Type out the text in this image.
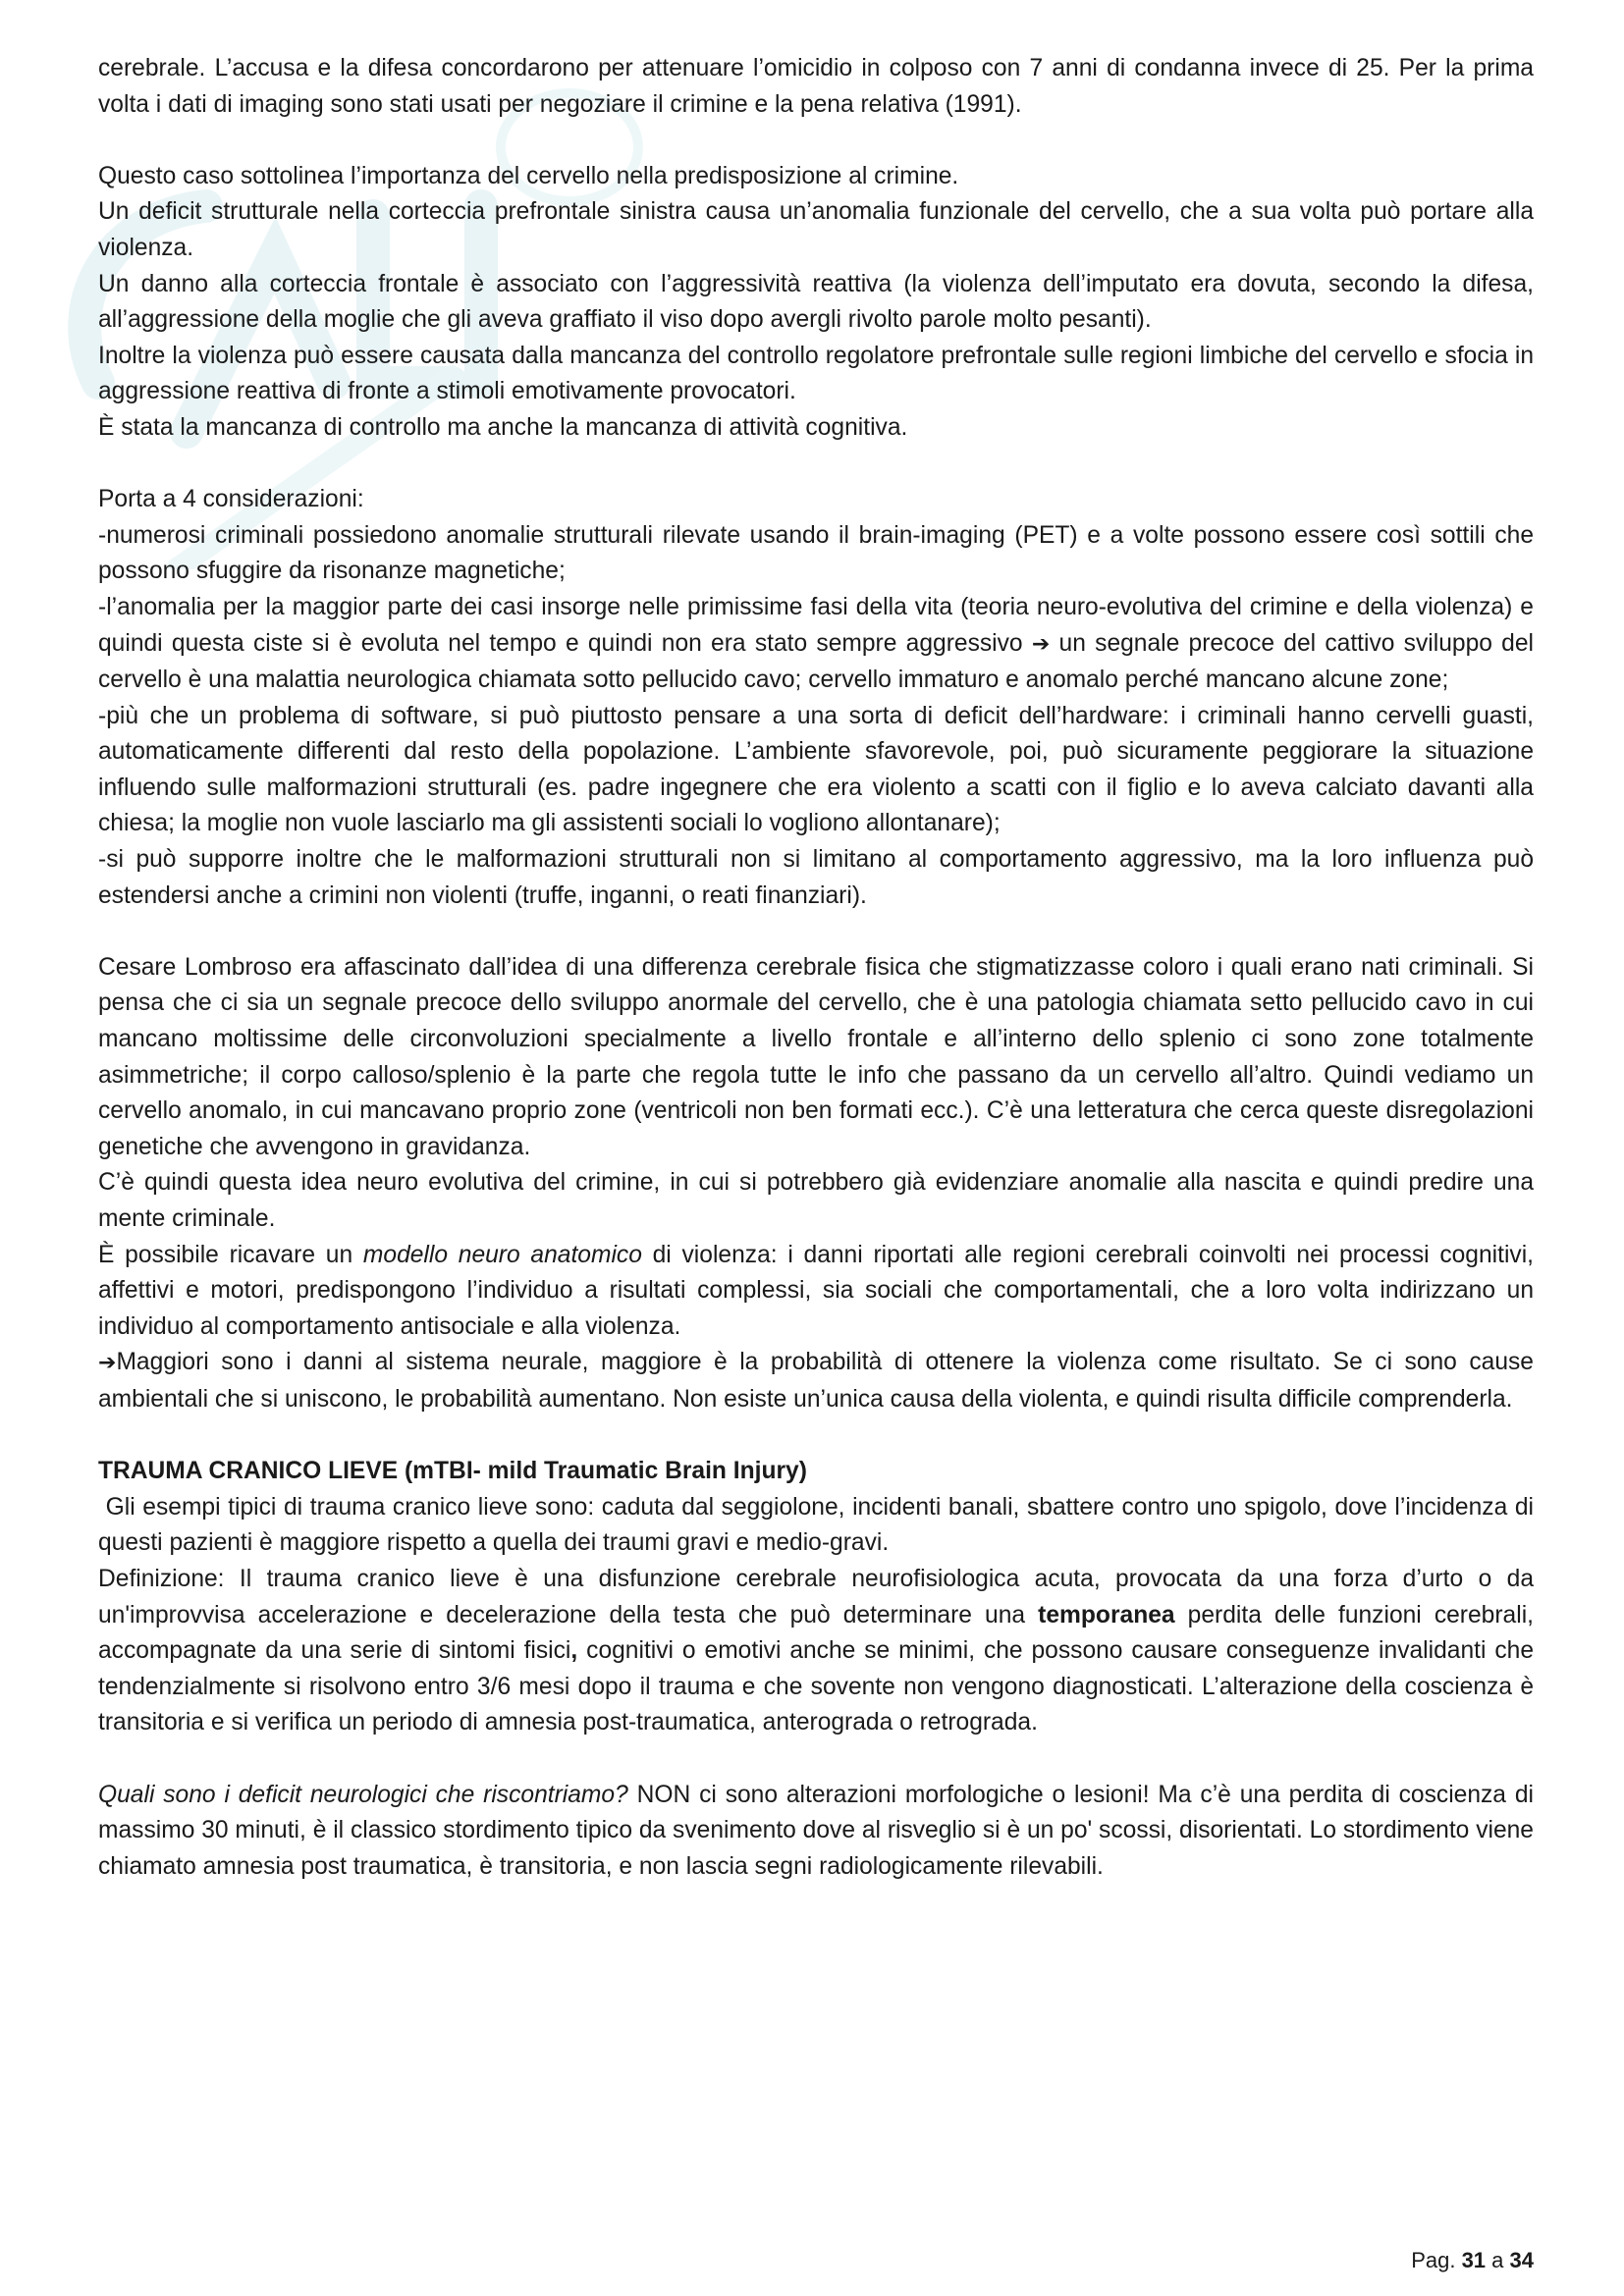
cerebrale. L’accusa e la difesa concordarono per attenuare l’omicidio in colposo con 7 anni di condanna invece di 25. Per la prima volta i dati di imaging sono stati usati per negoziare il crimine e la pena relativa (1991).

Questo caso sottolinea l’importanza del cervello nella predisposizione al crimine.

Un deficit strutturale nella corteccia prefrontale sinistra causa un’anomalia funzionale del cervello, che a sua volta può portare alla violenza.

Un danno alla corteccia frontale è associato con l’aggressività reattiva (la violenza dell’imputato era dovuta, secondo la difesa, all’aggressione della moglie che gli aveva graffiato il viso dopo avergli rivolto parole molto pesanti).

Inoltre la violenza può essere causata dalla mancanza del controllo regolatore prefrontale sulle regioni limbiche del cervello e sfocia in aggressione reattiva di fronte a stimoli emotivamente provocatori.

È stata la mancanza di controllo ma anche la mancanza di attività cognitiva.

Porta a 4 considerazioni:

-numerosi criminali possiedono anomalie strutturali rilevate usando il brain-imaging (PET) e a volte possono essere così sottili che possono sfuggire da risonanze magnetiche;

-l’anomalia per la maggior parte dei casi insorge nelle primissime fasi della vita (teoria neuro-evolutiva del crimine e della violenza) e quindi questa ciste si è evoluta nel tempo e quindi non era stato sempre aggressivo ➔ un segnale precoce del cattivo sviluppo del cervello è una malattia neurologica chiamata sotto pellucido cavo; cervello immaturo e anomalo perché mancano alcune zone;

-più che un problema di software, si può piuttosto pensare a una sorta di deficit dell’hardware: i criminali hanno cervelli guasti, automaticamente differenti dal resto della popolazione. L’ambiente sfavorevole, poi, può sicuramente peggiorare la situazione influendo sulle malformazioni strutturali (es. padre ingegnere che era violento a scatti con il figlio e lo aveva calciato davanti alla chiesa; la moglie non vuole lasciarlo ma gli assistenti sociali lo vogliono allontanare);

-si può supporre inoltre che le malformazioni strutturali non si limitano al comportamento aggressivo, ma la loro influenza può estendersi anche a crimini non violenti (truffe, inganni, o reati finanziari).

Cesare Lombroso era affascinato dall’idea di una differenza cerebrale fisica che stigmatizzasse coloro i quali erano nati criminali. Si pensa che ci sia un segnale precoce dello sviluppo anormale del cervello, che è una patologia chiamata setto pellucido cavo in cui mancano moltissime delle circonvoluzioni specialmente a livello frontale e all’interno dello splenio ci sono zone totalmente asimmetriche; il corpo calloso/splenio è la parte che regola tutte le info che passano da un cervello all’altro. Quindi vediamo un cervello anomalo, in cui mancavano proprio zone (ventricoli non ben formati ecc.). C’è una letteratura che cerca queste disregolazioni genetiche che avvengono in gravidanza.

C’è quindi questa idea neuro evolutiva del crimine, in cui si potrebbero già evidenziare anomalie alla nascita e quindi predire una mente criminale.

È possibile ricavare un modello neuro anatomico di violenza: i danni riportati alle regioni cerebrali coinvolti nei processi cognitivi, affettivi e motori, predispongono l’individuo a risultati complessi, sia sociali che comportamentali, che a loro volta indirizzano un individuo al comportamento antisociale e alla violenza.

➔Maggiori sono i danni al sistema neurale, maggiore è la probabilità di ottenere la violenza come risultato. Se ci sono cause ambientali che si uniscono, le probabilità aumentano. Non esiste un’unica causa della violenta, e quindi risulta difficile comprenderla.

TRAUMA CRANICO LIEVE (mTBI- mild Traumatic Brain Injury)

Gli esempi tipici di trauma cranico lieve sono: caduta dal seggiolone, incidenti banali, sbattere contro uno spigolo, dove l’incidenza di questi pazienti è maggiore rispetto a quella dei traumi gravi e medio-gravi.

Definizione: Il trauma cranico lieve è una disfunzione cerebrale neurofisiologica acuta, provocata da una forza d’urto o da un'improvvisa accelerazione e decelerazione della testa che può determinare una temporanea perdita delle funzioni cerebrali, accompagnate da una serie di sintomi fisici, cognitivi o emotivi anche se minimi, che possono causare conseguenze invalidanti che tendenzialmente si risolvono entro 3/6 mesi dopo il trauma e che sovente non vengono diagnosticati. L’alterazione della coscienza è transitoria e si verifica un periodo di amnesia post-traumatica, anterograda o retrograda.

Quali sono i deficit neurologici che riscontriamo? NON ci sono alterazioni morfologiche o lesioni! Ma c’è una perdita di coscienza di massimo 30 minuti, è il classico stordimento tipico da svenimento dove al risveglio si è un po' scossi, disorientati. Lo stordimento viene chiamato amnesia post traumatica, è transitoria, e non lascia segni radiologicamente rilevabili.

Pag. 31 a 34
